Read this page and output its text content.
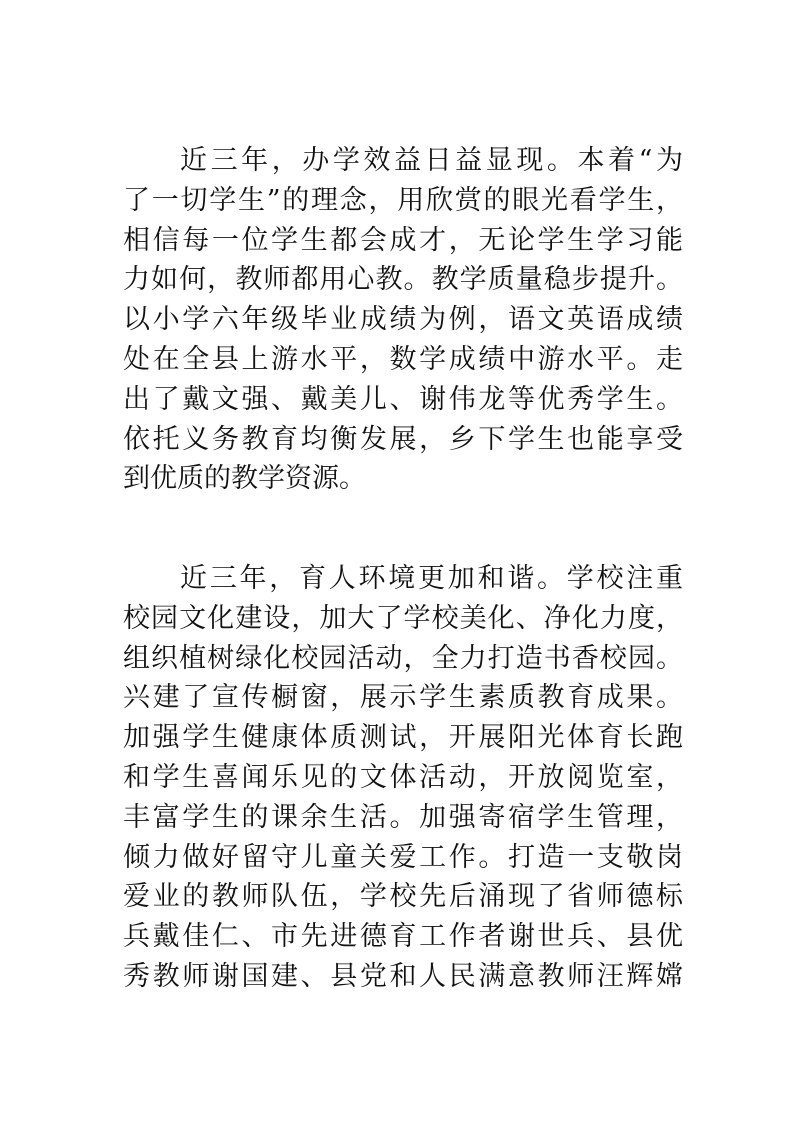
近三年，办学效益日益显现。本着“为
了一切学生”的理念，用欣赏的眼光看学生，
相信每一位学生都会成才，无论学生学习能
力如何，教师都用心教。教学质量稳步提升。
以小学六年级毕业成绩为例，语文英语成绩
处在全县上游水平，数学成绩中游水平。走
出了戴文强、戴美儿、谢伟龙等优秀学生。
依托义务教育均衡发展，乡下学生也能享受
到优质的教学资源。
近三年，育人环境更加和谐。学校注重
校园文化建设，加大了学校美化、净化力度，
组织植树绿化校园活动，全力打造书香校园。
兴建了宣传橱窗，展示学生素质教育成果。
加强学生健康体质测试，开展阳光体育长跑
和学生喜闻乐见的文体活动，开放阅览室，
丰富学生的课余生活。加强寄宿学生管理，
倾力做好留守儿童关爱工作。打造一支敬岗
爱业的教师队伍，学校先后涌现了省师德标
兵戴佳仁、市先进德育工作者谢世兵、县优
秀教师谢国建、县党和人民满意教师汪辉嫦
